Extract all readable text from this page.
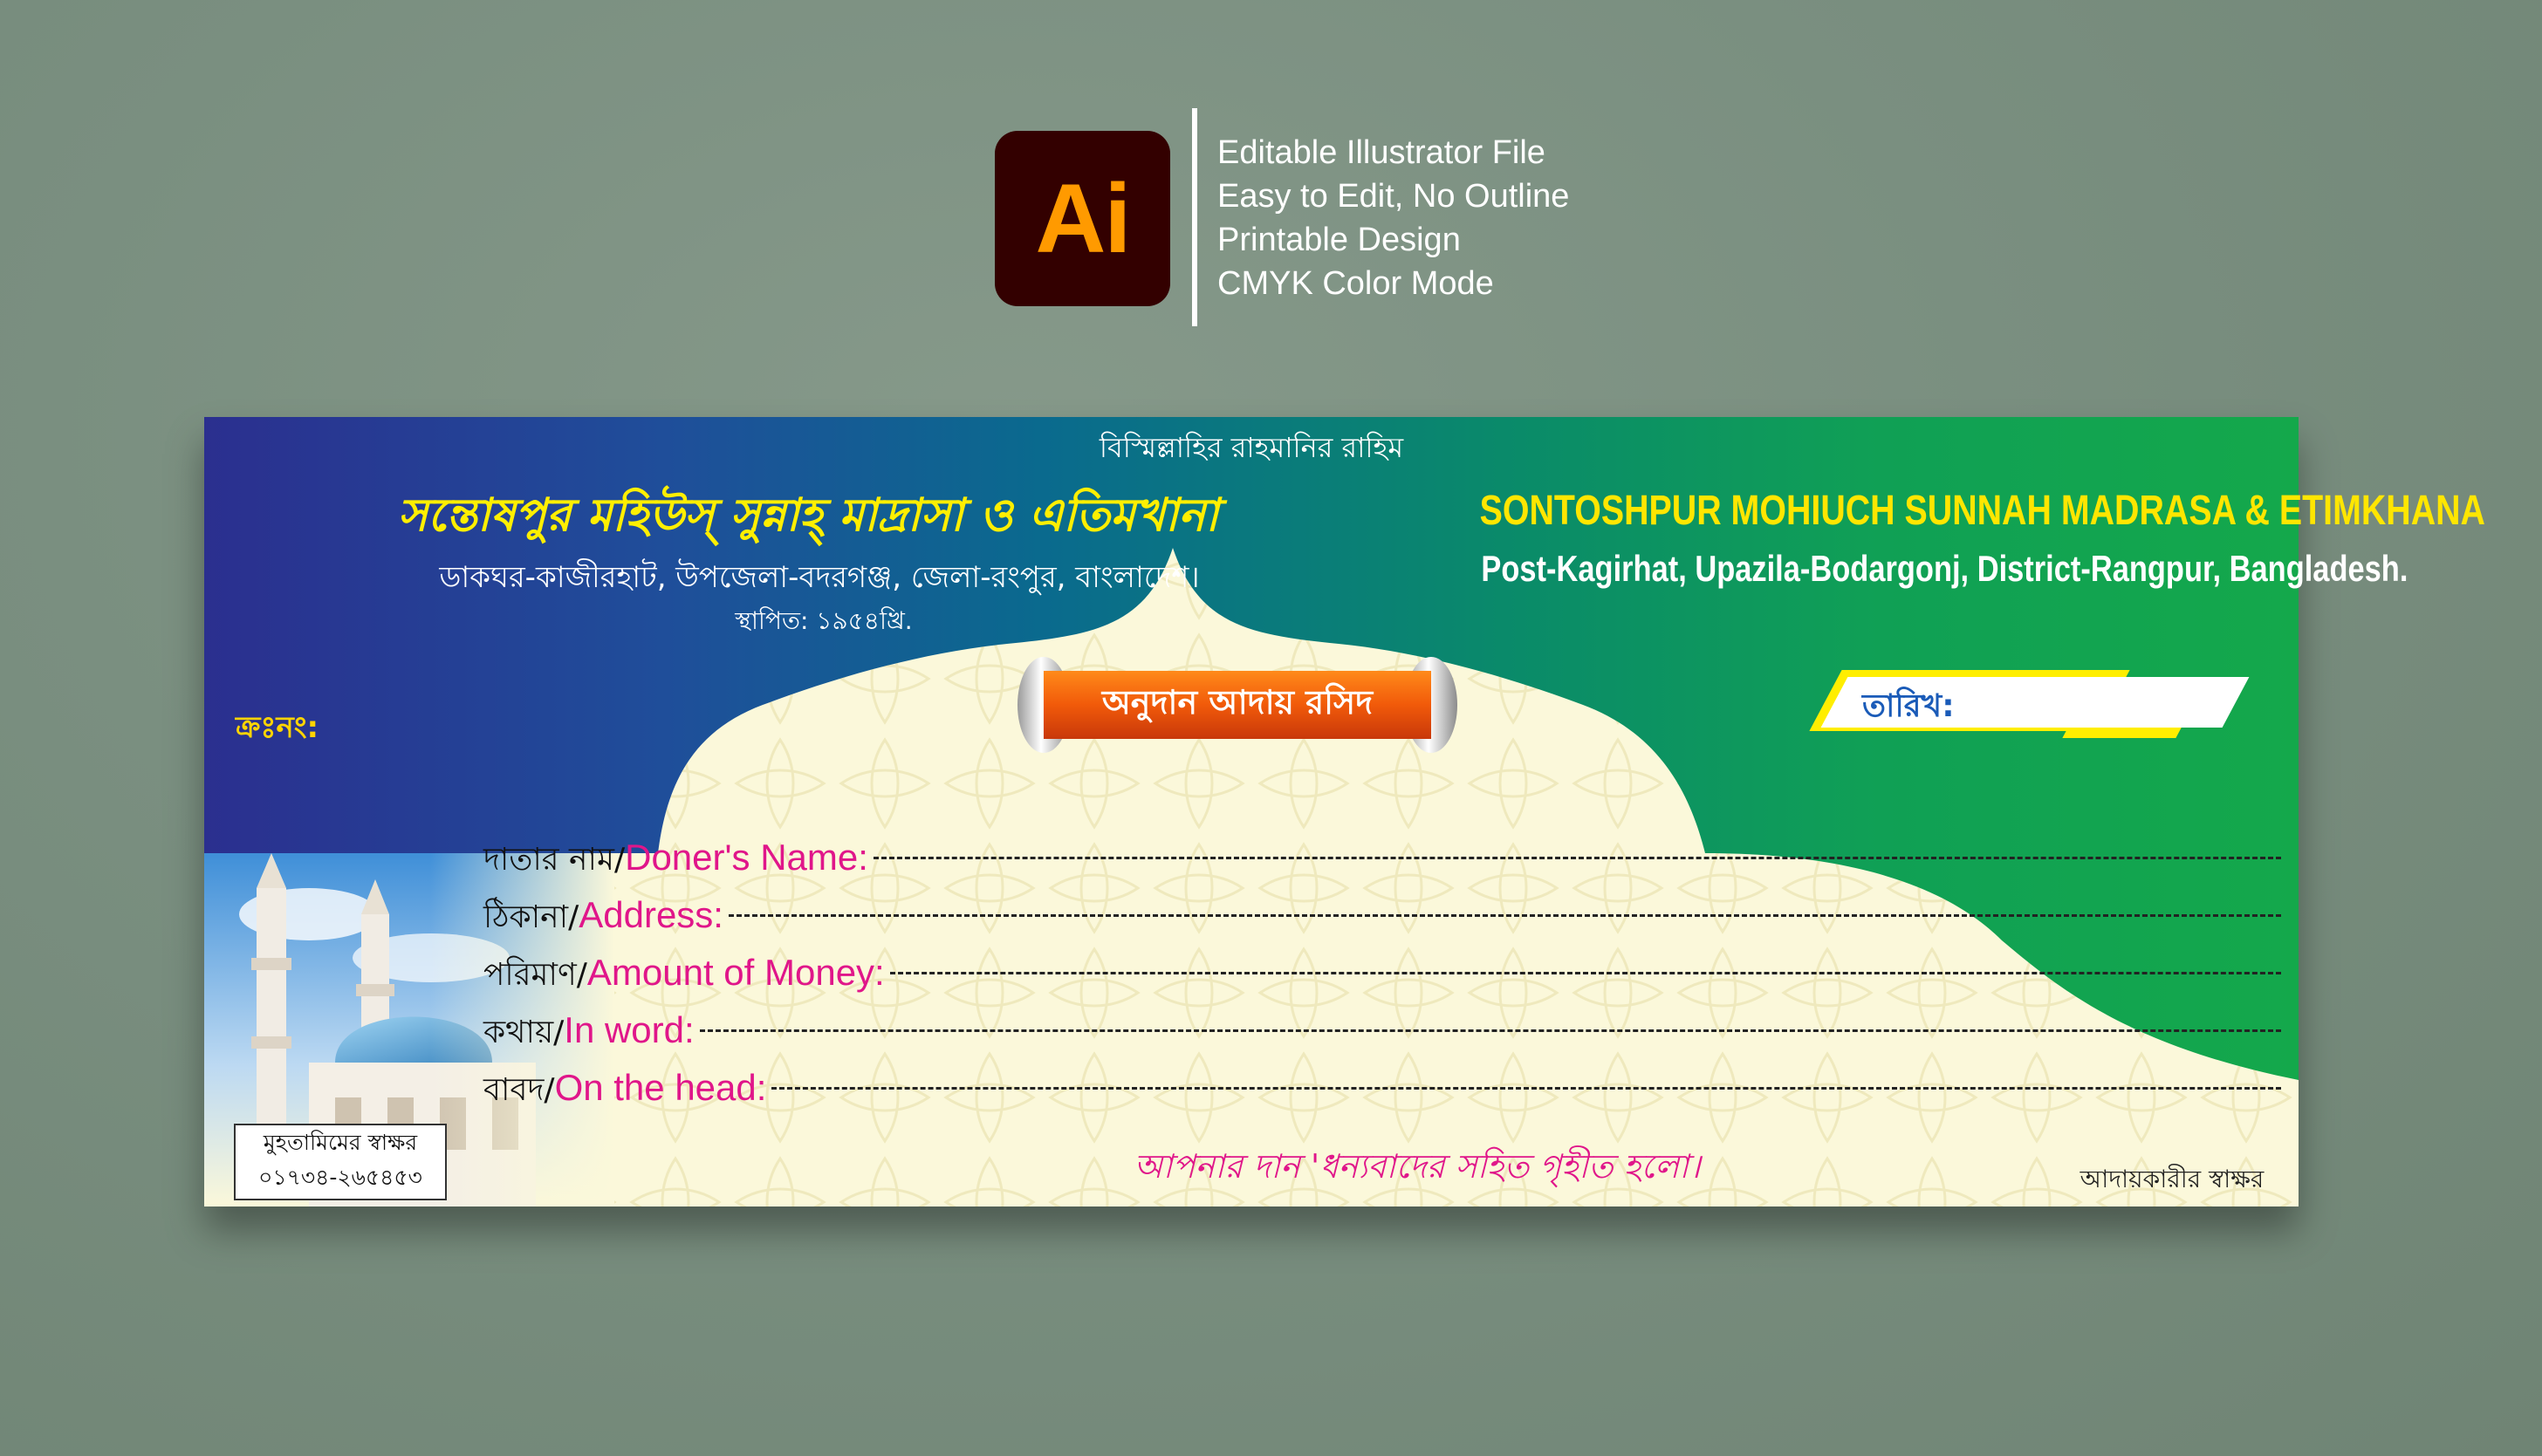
Ai
Editable Illustrator File
Easy to Edit, No Outline
Printable Design
CMYK Color Mode
বিস্মিল্লাহির রাহমানির রাহিম
সন্তোষপুর মহিউস্ সুন্নাহ্ মাদ্রাসা ও এতিমখানা
ডাকঘর-কাজীরহাট, উপজেলা-বদরগঞ্জ, জেলা-রংপুর, বাংলাদেশ।
স্থাপিত: ১৯৫৪খ্রি.
SONTOSHPUR MOHIUCH SUNNAH MADRASA & ETIMKHANA
Post-Kagirhat, Upazila-Bodargonj, District-Rangpur, Bangladesh.
ক্রঃনং:
অনুদান আদায় রসিদ	তারিখ:
মুহতামিমের স্বাক্ষর
০১৭৩৪-২৬৫৪৫৩
দাতার নাম/ Doner's Name:
ঠিকানা/ Address:
পরিমাণ/ Amount of Money:
কথায়/ In word:
বাবদ/ On the head:
আপনার দান 'ধন্যবাদের সহিত গৃহীত হলো।	আদায়কারীর স্বাক্ষর
